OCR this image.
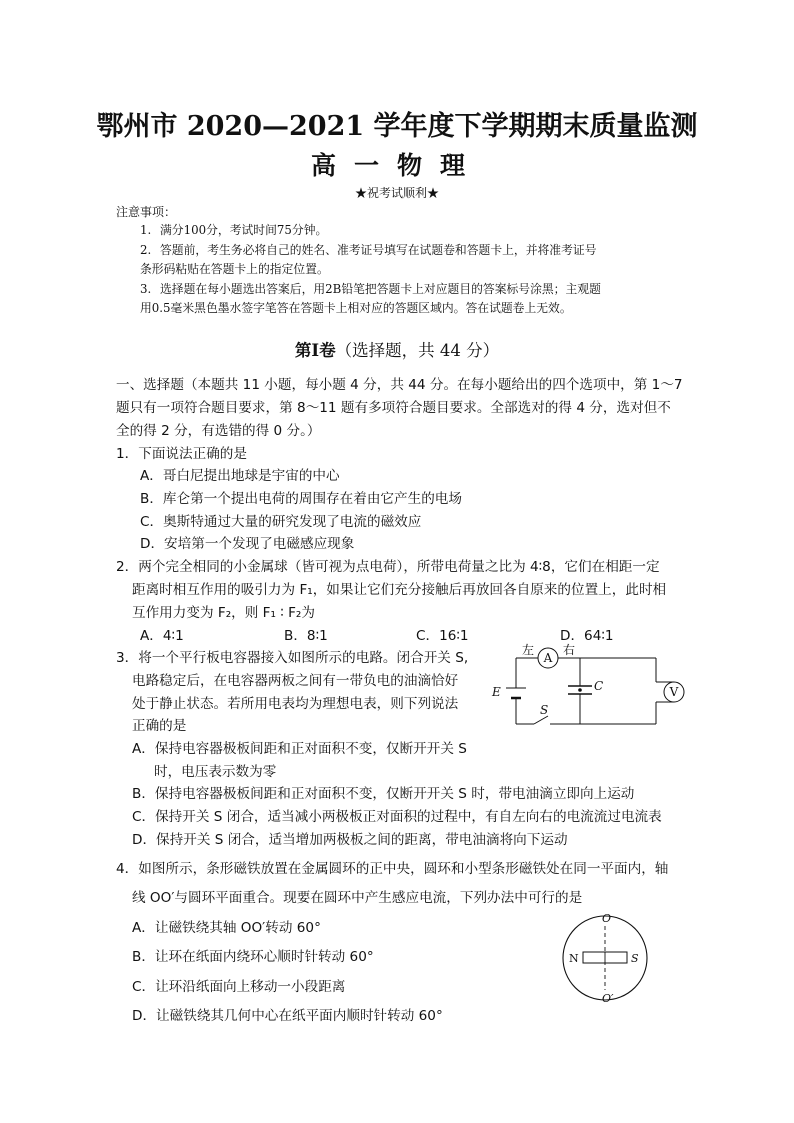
鄂州市 2020—2021 学年度下学期期末质量监测
高一物理
★祝考试顺利★
注意事项：
1. 满分100分，考试时间75分钟。
2. 答题前，考生务必将自己的姓名、准考证号填写在试题卷和答题卡上，并将准考证号
条形码粘贴在答题卡上的指定位置。
3. 选择题在每小题选出答案后，用2B铅笔把答题卡上对应题目的答案标号涂黑；主观题
用0.5毫米黑色墨水签字笔答在答题卡上相对应的答题区域内。答在试题卷上无效。
第Ⅰ卷（选择题，共 44 分）
一、选择题（本题共 11 小题，每小题 4 分，共 44 分。在每小题给出的四个选项中，第 1～7
题只有一项符合题目要求，第 8～11 题有多项符合题目要求。全部选对的得 4 分，选对但不
全的得 2 分，有选错的得 0 分。）
1．下面说法正确的是
A．哥白尼提出地球是宇宙的中心
B．库仑第一个提出电荷的周围存在着由它产生的电场
C．奥斯特通过大量的研究发现了电流的磁效应
D．安培第一个发现了电磁感应现象
2．两个完全相同的小金属球（皆可视为点电荷），所带电荷量之比为 4∶8，它们在相距一定
距离时相互作用的吸引力为 F₁，如果让它们充分接触后再放回各自原来的位置上，此时相
互作用力变为 F₂，则 F₁ ∶ F₂为
A．4∶1	B．8∶1	C．16∶1	D．64∶1
3．将一个平行板电容器接入如图所示的电路。闭合开关 S,
电路稳定后，在电容器两板之间有一带负电的油滴恰好
处于静止状态。若所用电表均为理想电表，则下列说法
正确的是
A．保持电容器极板间距和正对面积不变，仅断开开关 S
时，电压表示数为零
B．保持电容器极板间距和正对面积不变，仅断开开关 S 时，带电油滴立即向上运动
C．保持开关 S 闭合，适当减小两极板正对面积的过程中，有自左向右的电流流过电流表
D．保持开关 S 闭合，适当增加两极板之间的距离，带电油滴将向下运动
A
V
左 右
C
E
S
4．如图所示，条形磁铁放置在金属圆环的正中央，圆环和小型条形磁铁处在同一平面内，轴
线 OO′与圆环平面重合。现要在圆环中产生感应电流，下列办法中可行的是
A．让磁铁绕其轴 OO′转动 60°
B．让环在纸面内绕环心顺时针转动 60°
C．让环沿纸面向上移动一小段距离
D．让磁铁绕其几何中心在纸平面内顺时针转动 60°
N	S
O
O′
